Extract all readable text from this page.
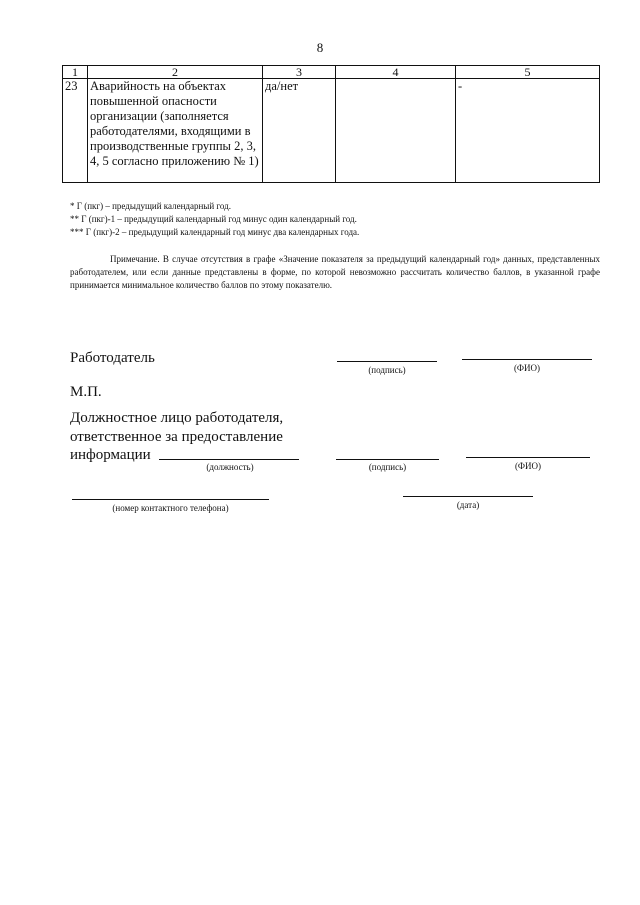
8
1	2	3	4	5
23	Аварийность на объектах повышенной опасности организации (заполняется работодателями, входящими в производственные группы 2, 3, 4, 5 согласно приложению № 1)	да/нет		-
* Г (пкг) – предыдущий календарный год.
** Г (пкг)-1 – предыдущий календарный год минус один календарный год.
*** Г (пкг)-2 – предыдущий календарный год минус два календарных года.

Примечание. В случае отсутствия в графе «Значение показателя за предыдущий календарный год» данных, представленных работодателем, или если данные представлены в форме, по которой невозможно рассчитать количество баллов, в указанной графе принимается минимальное количество баллов по этому показателю.

Работодатель
(подпись)	(ФИО)
М.П.
Должностное лицо работодателя,
ответственное за предоставление
информации
(должность)	(подпись)	(ФИО)
(номер контактного телефона)	(дата)
